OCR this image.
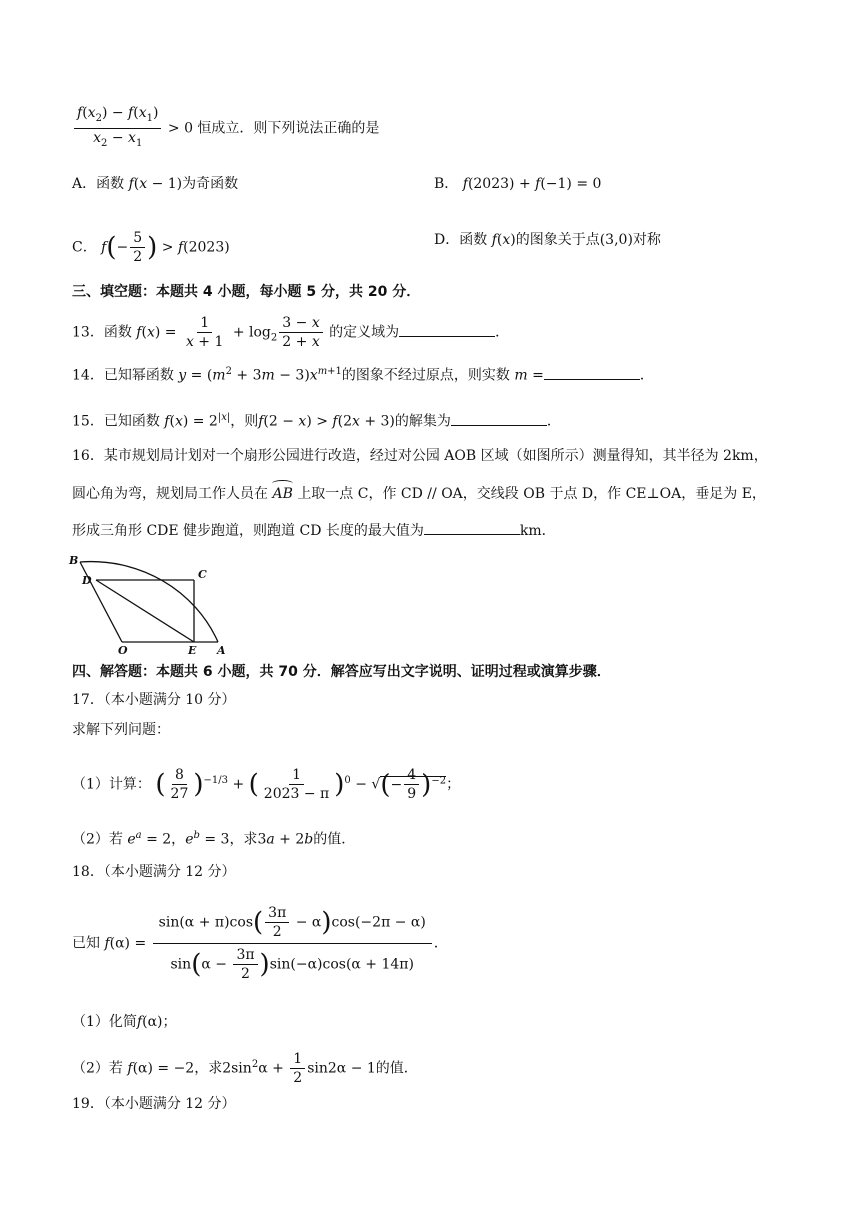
$\frac{f(x_2) - f(x_1)}{x_2 - x_1} > 0$ 恒成立．则下列说法正确的是
A．函数 f(x − 1)为奇函数	B． f(2023) + f(−1) = 0
C． $f(- \frac{5}{2}$ ) > f(2023)	D．函数 f(x)的图象关于点(3,0)对称
三、填空题：本题共 4 小题，每小题 5 分，共 20 分．
13．函数 $f(x) = \frac{1}{x + 1} + \log_2 \frac{3 - x}{2 + x}$ 的定义域为	．
14．已知幂函数 $y = (m^2 + 3m - 3)x^{m+1}$的图象不经过原点，则实数 m =	．
15．已知函数 $f(x) = 2^{|x|}$，则f(2 − x) > f(2x + 3)的解集为	．
16．某市规划局计划对一个扇形公园进行改造，经过对公园 AOB 区域（如图所示）测量得知，其半径为 2km，
圆心角为弯，规划局工作人员在 AB 上取一点 C，作 CD // OA，交线段 OB 于点 D，作 CE⊥OA，垂足为 E，
形成三角形 CDE 健步跑道，则跑道 CD 长度的最大值为	km．
B
C
D
O	E A
四、解答题：本题共 6 小题，共 70 分．解答应写出文字说明、证明过程或演算步骤．
17．（本小题满分 10 分）
求解下列问题：
（1）计算： ( $\frac{8}{27} )^{-1/3}$ + ( $\frac{1}{2023 - \pi} )^0$ − √(− $\frac{4}{9} )^{-2}$；
（2）若 $e^a = 2$，$e^b = 3$，求3a + 2b的值．
18．（本小题满分 12 分）
已知 $f(\alpha) = \frac{\sin(\alpha + \pi)\cos( \frac{3\pi}{2} - \alpha)\cos(-2\pi - \alpha)}{\sin(\alpha - \frac{3\pi}{2} )\sin(-\alpha)\cos(\alpha + 14\pi)}$ ．
（1）化简f(α)；
（2）若 f(α) = −2，求$2\sin^2\alpha + \frac{1}{2} \sin 2\alpha - 1$的值．
19．（本小题满分 12 分）
